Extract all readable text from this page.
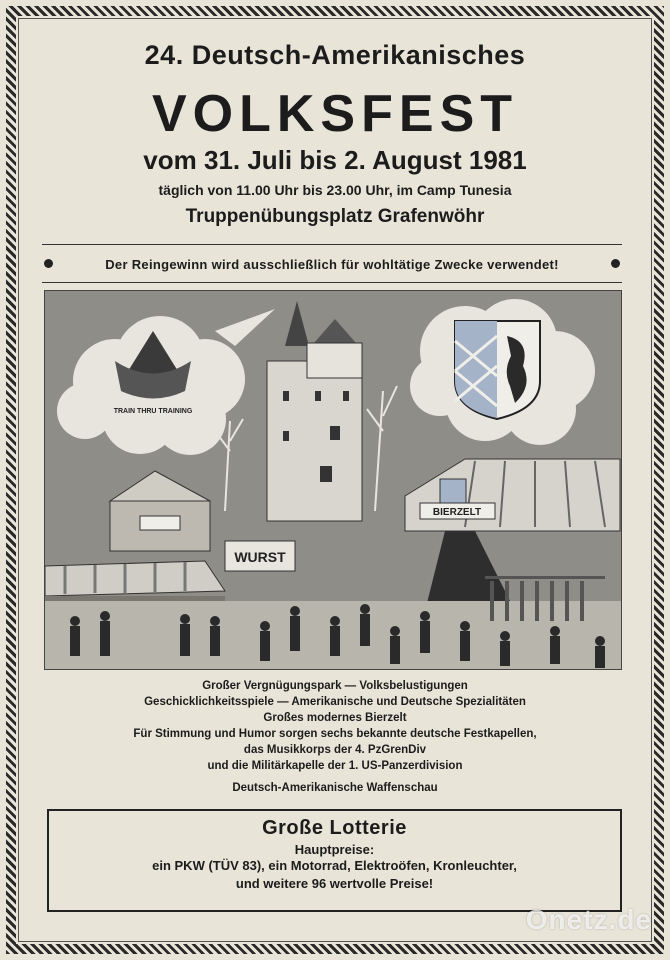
24. Deutsch-Amerikanisches
VOLKSFEST
vom 31. Juli bis 2. August 1981
täglich von 11.00 Uhr bis 23.00 Uhr, im Camp Tunesia
Truppenübungsplatz Grafenwöhr
Der Reingewinn wird ausschließlich für wohltätige Zwecke verwendet!
TRAIN THRU TRAINING
BIERZELT
WURST
Großer Vergnügungspark — Volksbelustigungen
Geschicklichkeitsspiele — Amerikanische und Deutsche Spezialitäten
Großes modernes Bierzelt
Für Stimmung und Humor sorgen sechs bekannte deutsche Festkapellen,
das Musikkorps der 4. PzGrenDiv
und die Militärkapelle der 1. US-Panzerdivision
Deutsch-Amerikanische Waffenschau
Große Lotterie
Hauptpreise:
ein PKW (TÜV 83), ein Motorrad, Elektroöfen, Kronleuchter,
und weitere 96 wertvolle Preise!
Onetz.de
